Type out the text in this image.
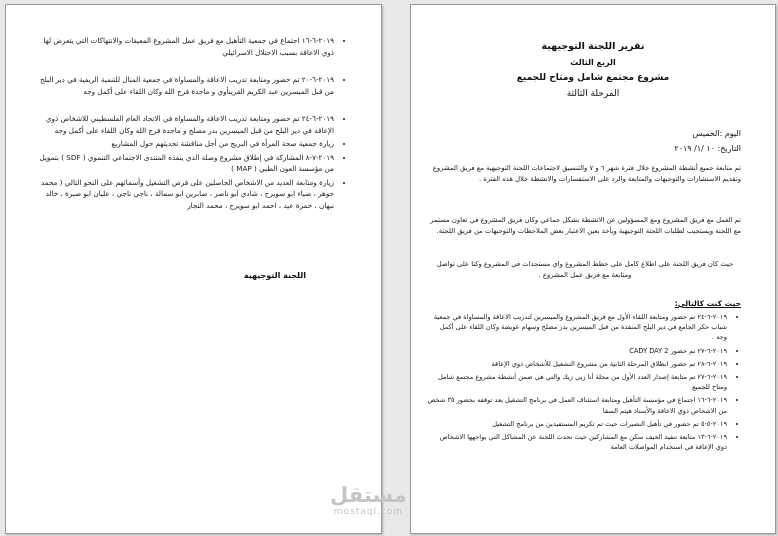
• ٢٠١٩-٦-١٦ اجتماع في جمعية التأهيل مع فريق عمل المشروع المعيقات والانتهاكات التي يتعرض لها ذوي الاعاقة بسبب الاحتلال الاسرائيلي
• ٢٠١٩-٦-٢٠ تم حضور ومتابعة تدريب الاعاقة والمساواة في جمعية المنال للتنمية الريفية في دير البلح من قبل الميسرين عبد الكريم القرينأوي و ماجدة فرج الله وكان اللقاء على أكمل وجه
• ٢٠١٩-٦-٢٤ تم حضور ومتابعة تدريب الاعاقة والمساواة في الاتحاد العام الفلسطيني للاشخاص ذوي الإعاقة في دير البلح من قبل الميسرين بدر مصلح و ماجدة فرج الله وكان اللقاء على أكمل وجه
• زيارة جمعية صحة المرأة في البريج من أجل مناقشة تحديثهم حول المشاريع
• ٢٠١٩-٧-٨ المشاركة في إطلاق مشروع وصلة الذي ينفذه المنتدى الاجتماعي التنموي ( SDF ) بتمويل من مؤسسة العون الطبي ( MAP )
• زيارة ومتابعة العديد من الاشخاص الحاصلين على فرص التشغيل وأسمائهم على النحو التالي ( محمد جوهر ، ضياء ابو سويرح ، شادي ابو ناصر ، صابرين ابو سمالة ، ناجي ناجي ، عليان ابو صبرة ، خالد نبهان ، حمزة عيد ، احمد ابو سويرح ، محمد النجار
اللجنة التوجيهية
تقرير اللجنة التوجيهية
الربع الثالث
مشروع مجتمع شامل ومتاح للجميع
المرحلة الثالثة
اليوم :الخميس
التاريخ: ١٠ /١/ ٢٠١٩
تم متابعة جميع أنشطة المشروع خلال فترة شهر ٦ و ٧ والتنسيق لاجتماعات اللجنة التوجيهية مع فريق المشروع وتقديم الاستشارات والتوجيهات والمتابعة والرد على الاستفسارات والانشطة خلال هذه الفترة .
تم العمل مع فريق المشروع ومع المسؤولين عن الانشطة بشكل جماعي وكان فريق المشروع في تعاون مستمر مع اللجنة ويستجيب لطلبات اللجنة التوجيهية ويأخذ بعين الاعتبار بعض الملاحظات والتوجيهات من فريق اللجنة.
حيث كان فريق اللجنة على اطلاع كامل على خطط المشروع واي مستجدات في المشروع وكنا على تواصل ومتابعة مع فريق عمل المشروع .
حيث كنت كالتالي:
• ٢٠١٩-٦-٢٤ تم حضور ومتابعة اللقاء الأول مع فريق المشروع والميسرين لتدريب الاعاقة والمساواة في جمعية شباب حكر الجامع في دير البلح المنفذة من قبل الميسرين بدر مصلح وسهام عويضة وكان اللقاء على أكمل وجه .
• ٢٠١٩-٦-٢٧ تم حضور CADY DAY 2
• ٢٠١٩-٦-٢٨ تم حضور انطلاق المرحلة الثانية من مشروع التشغيل للأشخاص ذوي الإعاقة
• ٢٠١٩-٦-٢٧ تم متابعة إصدار العدد الأول من مجلة أنا زيي زيك والتي هي ضمن أنشطة مشروع مجتمع شامل ومتاح للجميع
• ٢٠١٩-٦-١٦ اجتماع في مؤسسة التأهيل ومتابعة استئناف العمل في برنامج التشغيل بعد توقفه بحضور ٣٥ شخص من الاشخاص ذوي الاعاقة والأستاذ هيثم السقا
• ٢٠١٩-٥-٥ تم حضور في تأهيل النصيرات حيث تم تكريم المستفيدين من برنامج التشغيل
• ٢٠١٩-٦-١٣ متابعة تنفيذ الخيف سكن مع المشاركين حيث تحدث اللجنة عن المشاكل التي يواجهها الاشخاص ذوي الإعاقة في استخدام المواصلات العامة
مستقل
mostaql.com
